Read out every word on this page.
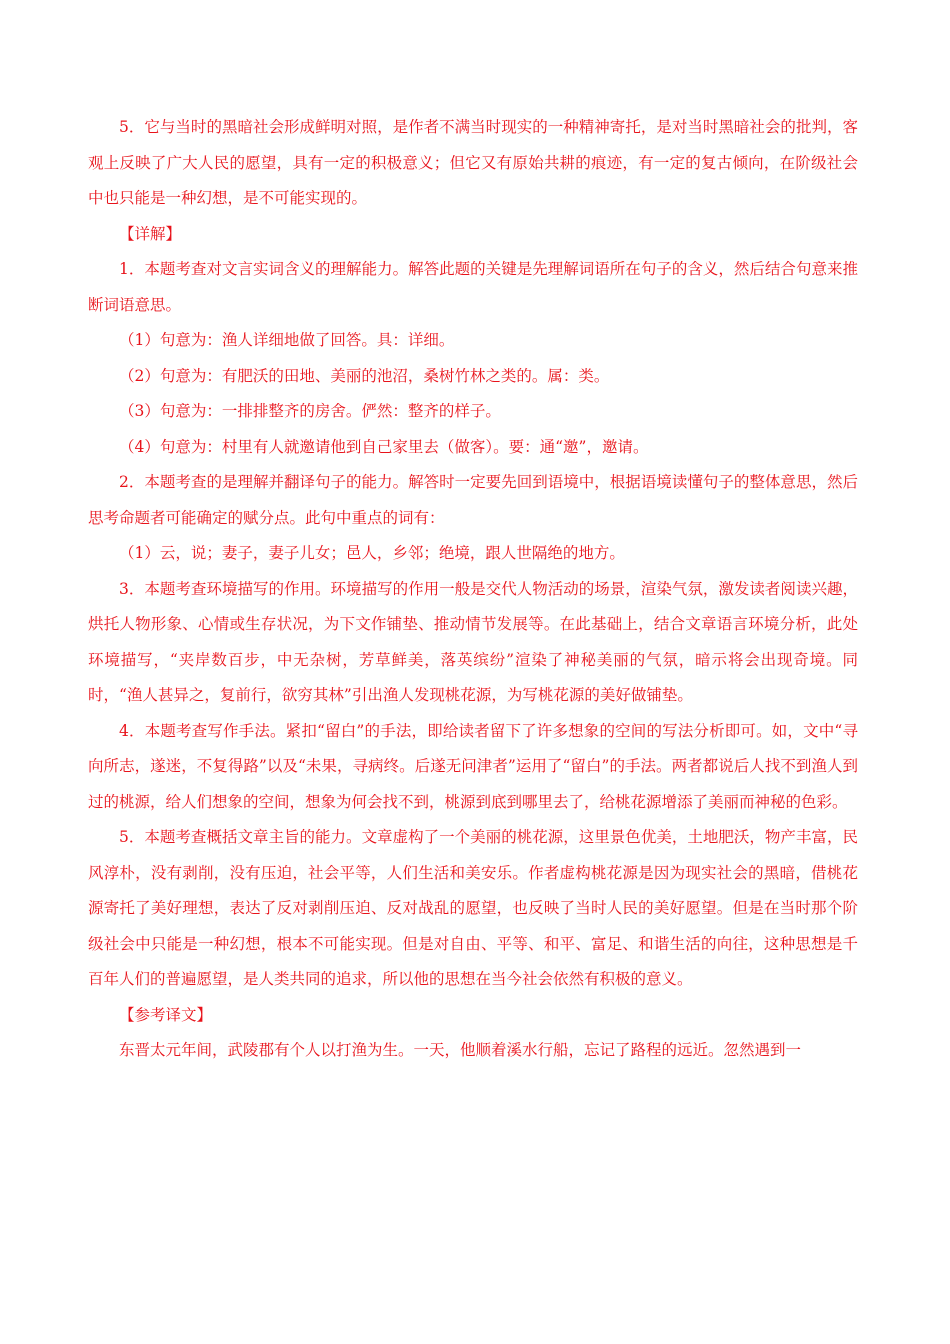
5．它与当时的黑暗社会形成鲜明对照，是作者不满当时现实的一种精神寄托，是对当时黑暗社会的批判，客观上反映了广大人民的愿望，具有一定的积极意义；但它又有原始共耕的痕迹，有一定的复古倾向，在阶级社会中也只能是一种幻想，是不可能实现的。

【详解】

1．本题考查对文言实词含义的理解能力。解答此题的关键是先理解词语所在句子的含义，然后结合句意来推断词语意思。

（1）句意为：渔人详细地做了回答。具：详细。

（2）句意为：有肥沃的田地、美丽的池沼，桑树竹林之类的。属：类。

（3）句意为：一排排整齐的房舍。俨然：整齐的样子。

（4）句意为：村里有人就邀请他到自己家里去（做客）。要：通“邀”，邀请。

2．本题考查的是理解并翻译句子的能力。解答时一定要先回到语境中，根据语境读懂句子的整体意思，然后思考命题者可能确定的赋分点。此句中重点的词有：

（1）云，说；妻子，妻子儿女；邑人，乡邻；绝境，跟人世隔绝的地方。

3．本题考查环境描写的作用。环境描写的作用一般是交代人物活动的场景，渲染气氛，激发读者阅读兴趣，烘托人物形象、心情或生存状况，为下文作铺垫、推动情节发展等。在此基础上，结合文章语言环境分析，此处环境描写，“夹岸数百步，中无杂树，芳草鲜美，落英缤纷”渲染了神秘美丽的气氛，暗示将会出现奇境。同时，“渔人甚异之，复前行，欲穷其林”引出渔人发现桃花源，为写桃花源的美好做铺垫。

4．本题考查写作手法。紧扣“留白”的手法，即给读者留下了许多想象的空间的写法分析即可。如，文中“寻向所志，遂迷，不复得路”以及“未果，寻病终。后遂无问津者”运用了“留白”的手法。两者都说后人找不到渔人到过的桃源，给人们想象的空间，想象为何会找不到，桃源到底到哪里去了，给桃花源增添了美丽而神秘的色彩。

5．本题考查概括文章主旨的能力。文章虚构了一个美丽的桃花源，这里景色优美，土地肥沃，物产丰富，民风淳朴，没有剥削，没有压迫，社会平等，人们生活和美安乐。作者虚构桃花源是因为现实社会的黑暗，借桃花源寄托了美好理想，表达了反对剥削压迫、反对战乱的愿望，也反映了当时人民的美好愿望。但是在当时那个阶级社会中只能是一种幻想，根本不可能实现。但是对自由、平等、和平、富足、和谐生活的向往，这种思想是千百年人们的普遍愿望，是人类共同的追求，所以他的思想在当今社会依然有积极的意义。

【参考译文】

东晋太元年间，武陵郡有个人以打渔为生。一天，他顺着溪水行船，忘记了路程的远近。忽然遇到一
